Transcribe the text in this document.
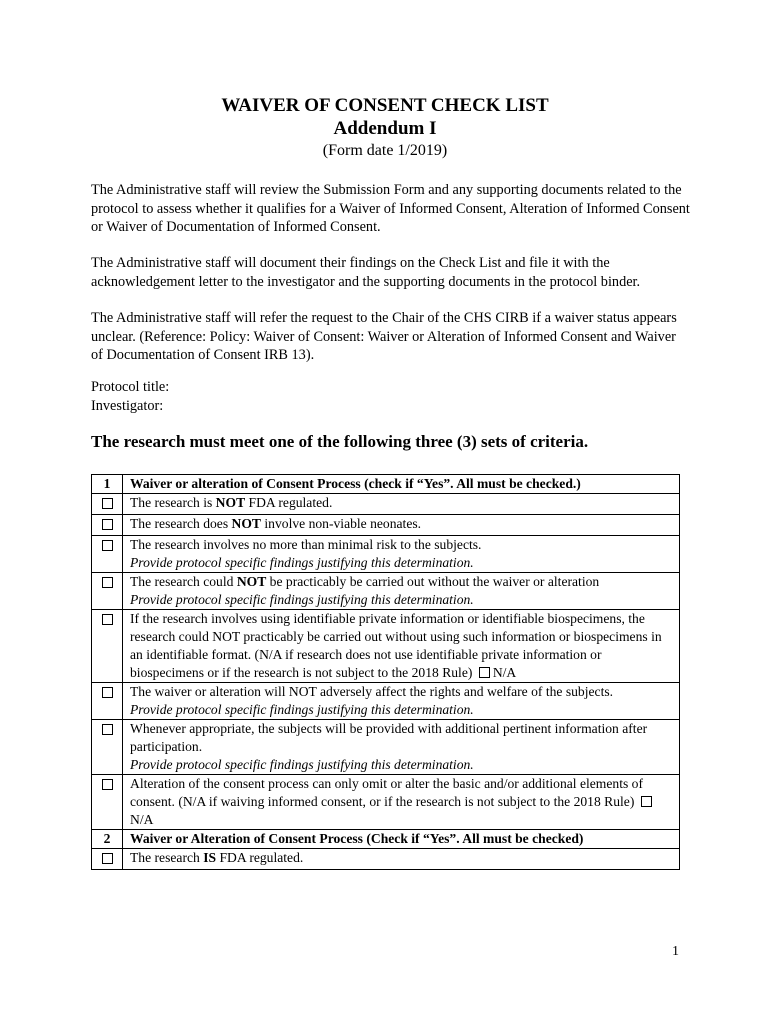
WAIVER OF CONSENT CHECK LIST
Addendum I
(Form date 1/2019)
The Administrative staff will review the Submission Form and any supporting documents related to the protocol to assess whether it qualifies for a Waiver of Informed Consent, Alteration of Informed Consent or Waiver of Documentation of Informed Consent.
The Administrative staff will document their findings on the Check List and file it with the acknowledgement letter to the investigator and the supporting documents in the protocol binder.
The Administrative staff will refer the request to the Chair of the CHS CIRB if a waiver status appears unclear. (Reference: Policy: Waiver of Consent: Waiver or Alteration of Informed Consent and Waiver of Documentation of Consent IRB 13).
Protocol title:
Investigator:
The research must meet one of the following three (3) sets of criteria.
1	Waiver or alteration of Consent Process (check if “Yes”. All must be checked.)
	The research is NOT FDA regulated.
	The research does NOT involve non-viable neonates.

	The research involves no more than minimal risk to the subjects.
Provide protocol specific findings justifying this determination.

	The research could NOT be practicably be carried out without the waiver or alteration
Provide protocol specific findings justifying this determination.

	If the research involves using identifiable private information or identifiable biospecimens, the research could NOT practicably be carried out without using such information or biospecimens in an identifiable format. (N/A if research does not use identifiable private information or biospecimens or if the research is not subject to the 2018 Rule) N/A

	The waiver or alteration will NOT adversely affect the rights and welfare of the subjects.
Provide protocol specific findings justifying this determination.

	Whenever appropriate, the subjects will be provided with additional pertinent information after participation.
Provide protocol specific findings justifying this determination.

	Alteration of the consent process can only omit or alter the basic and/or additional elements of consent. (N/A if waiving informed consent, or if the research is not subject to the 2018 Rule) N/A
2	Waiver or Alteration of Consent Process (Check if “Yes”. All must be checked)
	The research IS FDA regulated.
1
